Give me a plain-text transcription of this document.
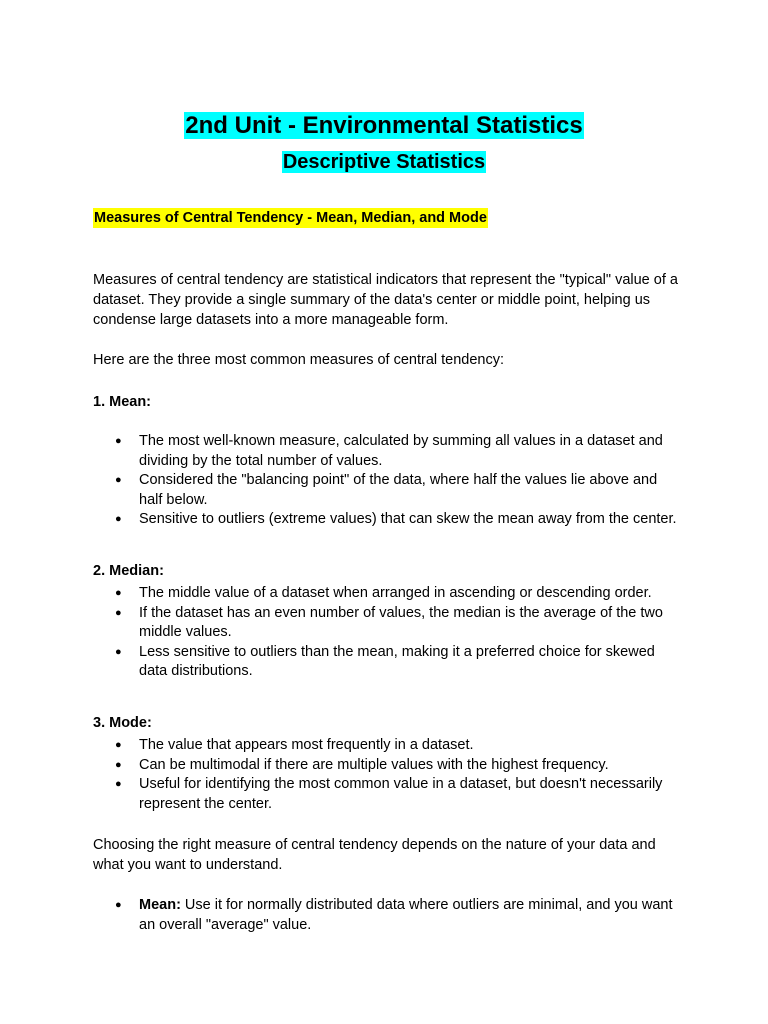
2nd Unit - Environmental Statistics
Descriptive Statistics
Measures of Central Tendency - Mean, Median, and Mode

Measures of central tendency are statistical indicators that represent the "typical" value of a dataset. They provide a single summary of the data's center or middle point, helping us condense large datasets into a more manageable form.

Here are the three most common measures of central tendency:

1. Mean:

● The most well-known measure, calculated by summing all values in a dataset and dividing by the total number of values.
● Considered the "balancing point" of the data, where half the values lie above and half below.
● Sensitive to outliers (extreme values) that can skew the mean away from the center.

2. Median:

● The middle value of a dataset when arranged in ascending or descending order.
● If the dataset has an even number of values, the median is the average of the two middle values.
● Less sensitive to outliers than the mean, making it a preferred choice for skewed data distributions.

3. Mode:

● The value that appears most frequently in a dataset.
● Can be multimodal if there are multiple values with the highest frequency.
● Useful for identifying the most common value in a dataset, but doesn't necessarily represent the center.

Choosing the right measure of central tendency depends on the nature of your data and what you want to understand.

● Mean: Use it for normally distributed data where outliers are minimal, and you want an overall "average" value.
